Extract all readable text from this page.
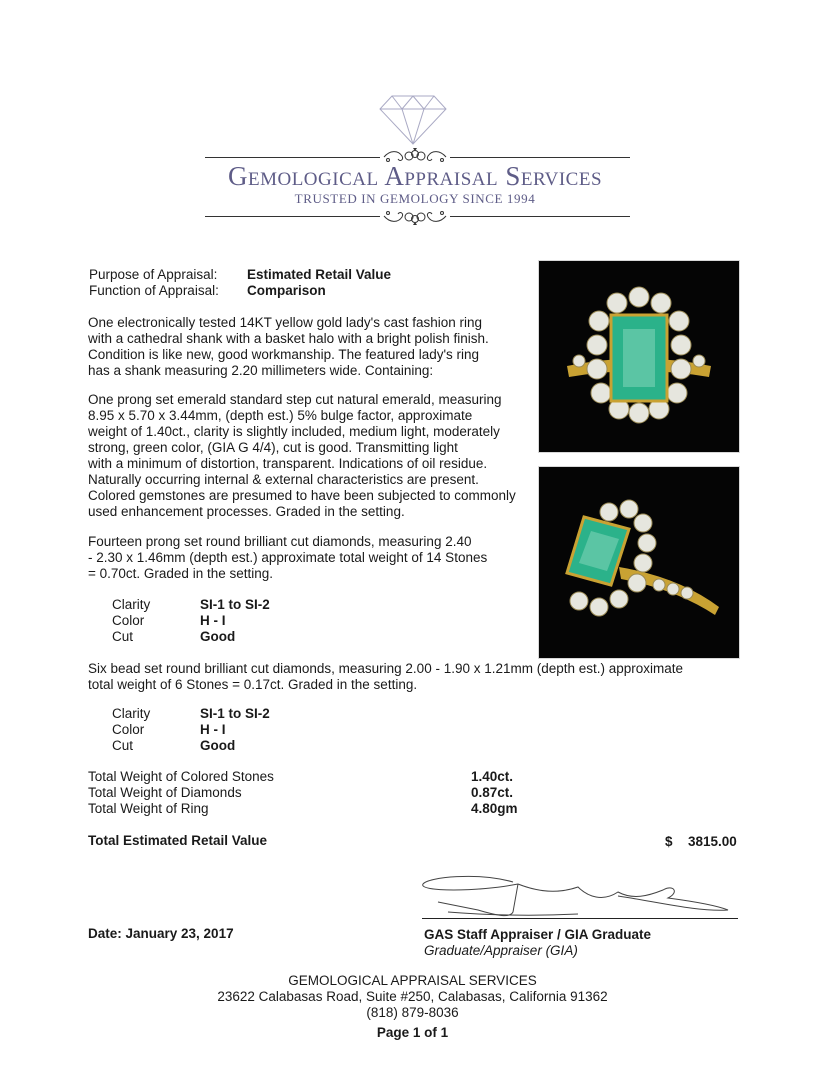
Gemological Appraisal Services
TRUSTED IN GEMOLOGY SINCE 1994
Purpose of Appraisal: Estimated Retail Value
Function of Appraisal: Comparison
One electronically tested 14KT yellow gold lady's cast fashion ring
with a cathedral shank with a basket halo with a bright polish finish.
Condition is like new, good workmanship. The featured lady's ring
has a shank measuring 2.20 millimeters wide. Containing:
One prong set emerald standard step cut natural emerald, measuring
8.95 x 5.70 x 3.44mm, (depth est.) 5% bulge factor, approximate
weight of 1.40ct., clarity is slightly included, medium light, moderately
strong, green color, (GIA G 4/4), cut is good. Transmitting light
with a minimum of distortion, transparent. Indications of oil residue.
Naturally occurring internal & external characteristics are present.
Colored gemstones are presumed to have been subjected to commonly
used enhancement processes. Graded in the setting.
Fourteen prong set round brilliant cut diamonds, measuring 2.40
- 2.30 x 1.46mm (depth est.) approximate total weight of 14 Stones
= 0.70ct. Graded in the setting.
Clarity	SI-1 to SI-2
Color	H - I
Cut	Good
Six bead set round brilliant cut diamonds, measuring 2.00 - 1.90 x 1.21mm (depth est.) approximate
total weight of 6 Stones = 0.17ct. Graded in the setting.
Clarity	SI-1 to SI-2
Color	H - I
Cut	Good
Total Weight of Colored Stones	1.40ct.
Total Weight of Diamonds	0.87ct.
Total Weight of Ring	4.80gm
Total Estimated Retail Value	$ 3815.00
Date: January 23, 2017	GAS Staff Appraiser / GIA Graduate
Graduate/Appraiser (GIA)
GEMOLOGICAL APPRAISAL SERVICES
23622 Calabasas Road, Suite #250, Calabasas, California 91362
(818) 879-8036
Page 1 of 1
